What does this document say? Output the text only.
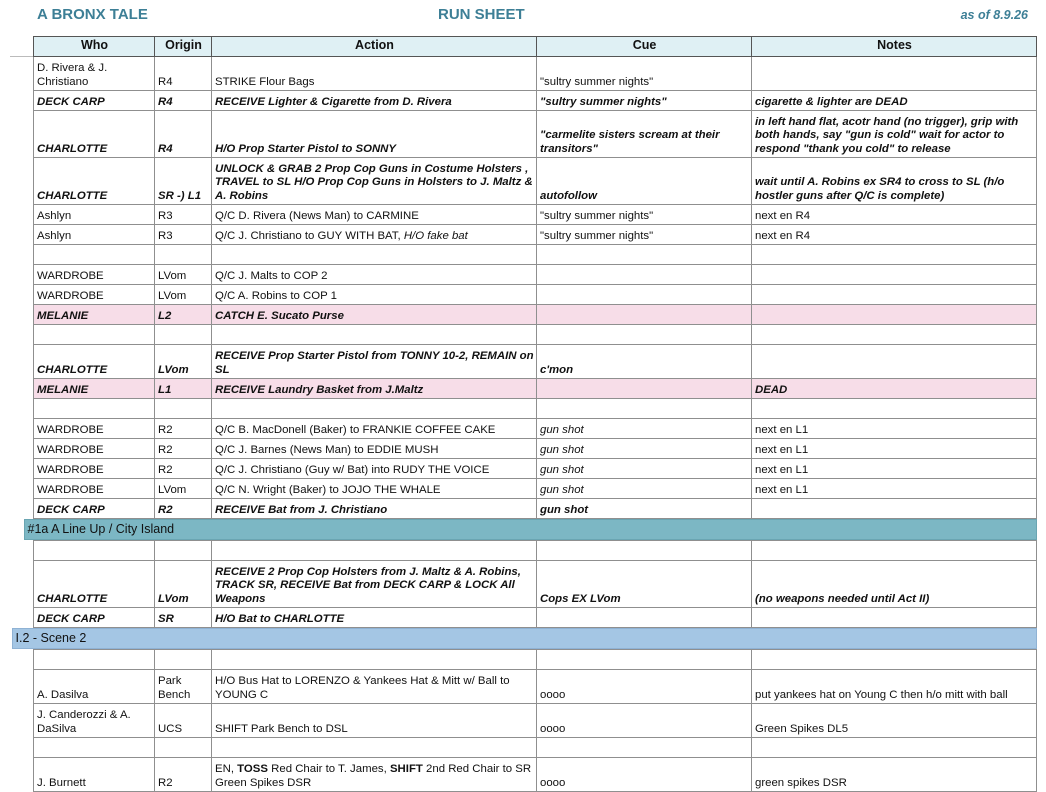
A BRONX TALE	RUN SHEET	as of 8.9.26
Who	Origin	Action	Cue	Notes
D. Rivera & J. Christiano	R4	STRIKE Flour Bags	"sultry summer nights"	
DECK CARP	R4	RECEIVE Lighter & Cigarette from D. Rivera	"sultry summer nights"	cigarette & lighter are DEAD
CHARLOTTE	R4	H/O Prop Starter Pistol to SONNY	"carmelite sisters scream at their transitors"	in left hand flat, acotr hand (no trigger), grip with both hands, say "gun is cold" wait for actor to respond "thank you cold" to release
CHARLOTTE	SR -) L1	UNLOCK & GRAB 2 Prop Cop Guns in Costume Holsters , TRAVEL to SL H/O Prop Cop Guns in Holsters to J. Maltz & A. Robins	autofollow	wait until A. Robins ex SR4 to cross to SL (h/o hostler guns after Q/C is complete)
Ashlyn	R3	Q/C D. Rivera (News Man) to CARMINE	"sultry summer nights"	next en R4
Ashlyn	R3	Q/C J. Christiano to GUY WITH BAT, H/O fake bat	"sultry summer nights"	next en R4

WARDROBE	LVom	Q/C J. Malts to COP 2		
WARDROBE	LVom	Q/C A. Robins to COP 1		
MELANIE	L2	CATCH E. Sucato Purse		

CHARLOTTE	LVom	RECEIVE Prop Starter Pistol from TONNY 10-2, REMAIN on SL	c'mon	
MELANIE	L1	RECEIVE Laundry Basket from J.Maltz		DEAD

WARDROBE	R2	Q/C B. MacDonell (Baker) to FRANKIE COFFEE CAKE	gun shot	next en L1
WARDROBE	R2	Q/C J. Barnes (News Man) to EDDIE MUSH	gun shot	next en L1
WARDROBE	R2	Q/C J. Christiano (Guy w/ Bat) into RUDY THE VOICE	gun shot	next en L1
WARDROBE	LVom	Q/C N. Wright (Baker) to JOJO THE WHALE	gun shot	next en L1
DECK CARP	R2	RECEIVE Bat from J. Christiano	gun shot	

#1a A Line Up / City Island				

CHARLOTTE	LVom	RECEIVE 2 Prop Cop Holsters from J. Maltz & A. Robins, TRACK SR, RECEIVE Bat from DECK CARP & LOCK All Weapons	Cops EX LVom	(no weapons needed until Act II)
DECK CARP	SR	H/O Bat to CHARLOTTE		

I.2 - Scene 2				

A. Dasilva	Park Bench	H/O Bus Hat to LORENZO & Yankees Hat & Mitt w/ Ball to YOUNG C	oooo	put yankees hat on Young C then h/o mitt with ball
J. Canderozzi & A. DaSilva	UCS	SHIFT Park Bench to DSL	oooo	Green Spikes DL5

J. Burnett	R2	EN, TOSS Red Chair to T. James, SHIFT 2nd Red Chair to SR Green Spikes DSR	oooo	green spikes DSR
